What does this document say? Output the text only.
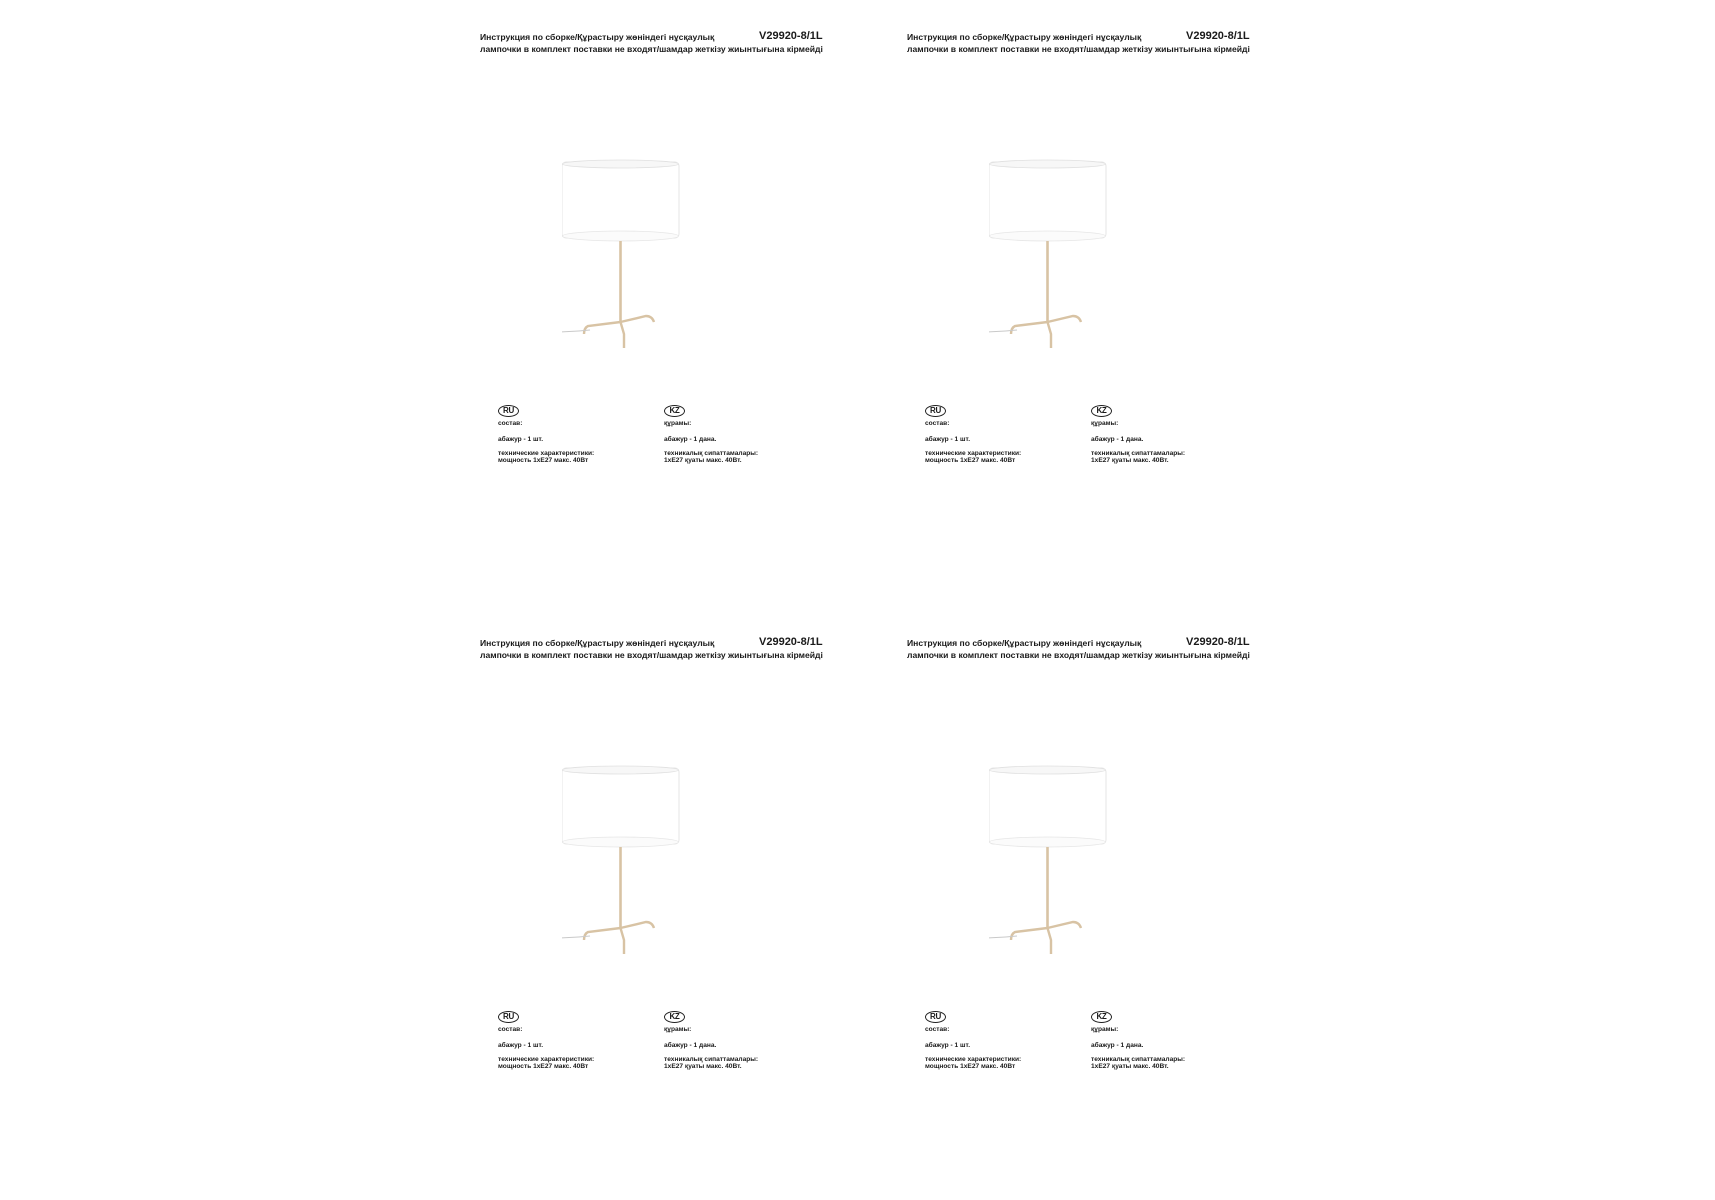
Инструкция по сборке/Құрастыру жөніндегі нұсқаулық	V29920-8/1L
лампочки в комплект поставки не входят/шамдар жеткізу жиынтығына кірмейді
RU
состав:
абажур - 1 шт.
технические характеристики:
мощность 1xE27 макс. 40Вт
KZ
құрамы:
абажур - 1 дана.
техникалық сипаттамалары:
1xE27 қуаты макс. 40Вт.
Инструкция по сборке/Құрастыру жөніндегі нұсқаулық	V29920-8/1L
лампочки в комплект поставки не входят/шамдар жеткізу жиынтығына кірмейді
RU
состав:
абажур - 1 шт.
технические характеристики:
мощность 1xE27 макс. 40Вт
KZ
құрамы:
абажур - 1 дана.
техникалық сипаттамалары:
1xE27 қуаты макс. 40Вт.
Инструкция по сборке/Құрастыру жөніндегі нұсқаулық	V29920-8/1L
лампочки в комплект поставки не входят/шамдар жеткізу жиынтығына кірмейді
RU
состав:
абажур - 1 шт.
технические характеристики:
мощность 1xE27 макс. 40Вт
KZ
құрамы:
абажур - 1 дана.
техникалық сипаттамалары:
1xE27 қуаты макс. 40Вт.
Инструкция по сборке/Құрастыру жөніндегі нұсқаулық	V29920-8/1L
лампочки в комплект поставки не входят/шамдар жеткізу жиынтығына кірмейді
RU
состав:
абажур - 1 шт.
технические характеристики:
мощность 1xE27 макс. 40Вт
KZ
құрамы:
абажур - 1 дана.
техникалық сипаттамалары:
1xE27 қуаты макс. 40Вт.
